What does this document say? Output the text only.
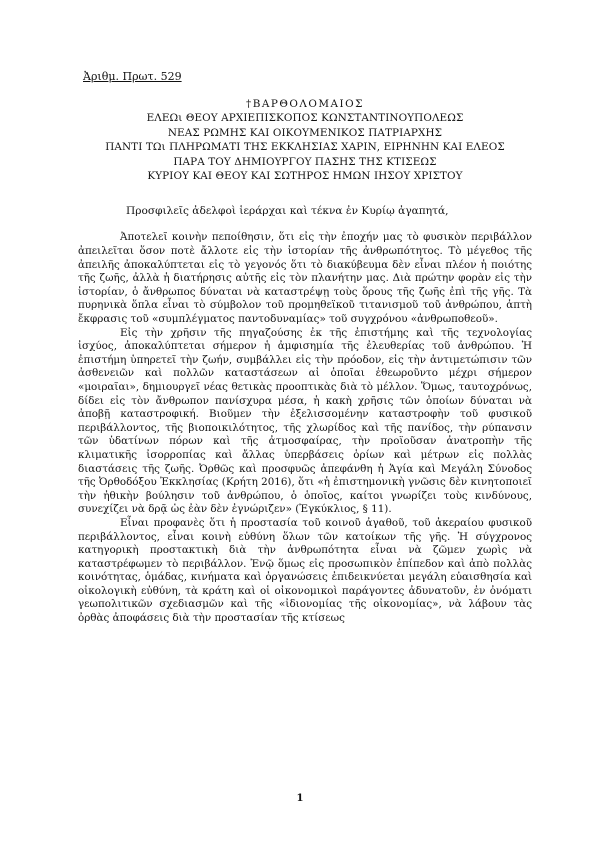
Ἀριθμ. Πρωτ. 529
†ΒΑΡΘΟΛΟΜΑΙΟΣ
ΕΛΕΩι ΘΕΟΥ ΑΡΧΙΕΠΙΣΚΟΠΟΣ ΚΩΝΣΤΑΝΤΙΝΟΥΠΟΛΕΩΣ
ΝΕΑΣ ΡΩΜΗΣ ΚΑΙ ΟΙΚΟΥΜΕΝΙΚΟΣ ΠΑΤΡΙΑΡΧΗΣ
ΠΑΝΤΙ ΤΩι ΠΛΗΡΩΜΑΤΙ ΤΗΣ ΕΚΚΛΗΣΙΑΣ ΧΑΡΙΝ, ΕΙΡΗΝΗΝ ΚΑΙ ΕΛΕΟΣ
ΠΑΡΑ ΤΟΥ ΔΗΜΙΟΥΡΓΟΥ ΠΑΣΗΣ ΤΗΣ ΚΤΙΣΕΩΣ
ΚΥΡΙΟΥ ΚΑΙ ΘΕΟΥ ΚΑΙ ΣΩΤΗΡΟΣ ΗΜΩΝ ΙΗΣΟΥ ΧΡΙΣΤΟΥ
Προσφιλεῖς ἀδελφοὶ ἱεράρχαι καὶ τέκνα ἐν Κυρίῳ ἀγαπητά,

Ἀποτελεῖ κοινὴν πεποίθησιν, ὅτι εἰς τὴν ἐποχήν μας τὸ φυσικὸν περιβάλλον ἀπειλεῖται ὅσον ποτὲ ἄλλοτε εἰς τὴν ἱστορίαν τῆς ἀνθρωπότητος. Τὸ μέγεθος τῆς ἀπειλῆς ἀποκαλύπτεται εἰς τὸ γεγονός ὅτι τὸ διακύβευμα δὲν εἶναι πλέον ἡ ποιότης τῆς ζωῆς, ἀλλὰ ἡ διατήρησις αὐτῆς εἰς τὸν πλανήτην μας. Διὰ πρώτην φορὰν εἰς τὴν ἱστορίαν, ὁ ἄνθρωπος δύναται νὰ καταστρέψῃ τοὺς ὅρους τῆς ζωῆς ἐπὶ τῆς γῆς. Τὰ πυρηνικὰ ὅπλα εἶναι τὸ σύμβολον τοῦ προμηθεϊκοῦ τιτανισμοῦ τοῦ ἀνθρώπου, ἀπτὴ ἔκφρασις τοῦ «συμπλέγματος παντοδυναμίας» τοῦ συγχρόνου «ἀνθρωποθεοῦ».

Εἰς τὴν χρῆσιν τῆς πηγαζούσης ἐκ τῆς ἐπιστήμης καὶ τῆς τεχνολογίας ἰσχύος, ἀποκαλύπτεται σήμερον ἡ ἀμφισημία τῆς ἐλευθερίας τοῦ ἀνθρώπου. Ἡ ἐπιστήμη ὑπηρετεῖ τὴν ζωήν, συμβάλλει εἰς τὴν πρόοδον, εἰς τὴν ἀντιμετώπισιν τῶν ἀσθενειῶν καὶ πολλῶν καταστάσεων αἱ ὁποῖαι ἐθεωροῦντο μέχρι σήμερον «μοιραῖαι», δημιουργεῖ νέας θετικὰς προοπτικὰς διὰ τὸ μέλλον. Ὅμως, ταυτοχρόνως, δίδει εἰς τὸν ἄνθρωπον πανίσχυρα μέσα, ἡ κακὴ χρῆσις τῶν ὁποίων δύναται νὰ ἀποβῇ καταστροφική. Βιοῦμεν τὴν ἐξελισσομένην καταστροφὴν τοῦ φυσικοῦ περιβάλλοντος, τῆς βιοποικιλότητος, τῆς χλωρίδος καὶ τῆς πανίδος, τὴν ρύπανσιν τῶν ὑδατίνων πόρων καὶ τῆς ἀτμοσφαίρας, τὴν προϊοῦσαν ἀνατροπὴν τῆς κλιματικῆς ἰσορροπίας καὶ ἄλλας ὑπερβάσεις ὁρίων καὶ μέτρων εἰς πολλὰς διαστάσεις τῆς ζωῆς. Ὀρθῶς καὶ προσφυῶς ἀπεφάνθη ἡ Ἁγία καὶ Μεγάλη Σύνοδος τῆς Ὀρθοδόξου Ἐκκλησίας (Κρήτη 2016), ὅτι «ἡ ἐπιστημονικὴ γνῶσις δὲν κινητοποιεῖ τὴν ἠθικὴν βούλησιν τοῦ ἀνθρώπου, ὁ ὁποῖος, καίτοι γνωρίζει τοὺς κινδύνους, συνεχίζει νὰ δρᾷ ὡς ἐὰν δὲν ἐγνώριζεν» (Ἐγκύκλιος, § 11).

Εἶναι προφανὲς ὅτι ἡ προστασία τοῦ κοινοῦ ἀγαθοῦ, τοῦ ἀκεραίου φυσικοῦ περιβάλλοντος, εἶναι κοινὴ εὐθύνη ὅλων τῶν κατοίκων τῆς γῆς. Ἡ σύγχρονος κατηγορικὴ προστακτικὴ διὰ τὴν ἀνθρωπότητα εἶναι νὰ ζῶμεν χωρὶς νὰ καταστρέφωμεν τὸ περιβάλλον. Ἐνῷ ὅμως εἰς προσωπικὸν ἐπίπεδον καὶ ἀπὸ πολλὰς κοινότητας, ὁμάδας, κινήματα καὶ ὀργανώσεις ἐπιδεικνύεται μεγάλη εὐαισθησία καὶ οἰκολογικὴ εὐθύνη, τὰ κράτη καὶ οἱ οἰκονομικοὶ παράγοντες ἀδυνατοῦν, ἐν ὀνόματι γεωπολιτικῶν σχεδιασμῶν καὶ τῆς «ἰδιονομίας τῆς οἰκονομίας», νὰ λάβουν τὰς ὀρθὰς ἀποφάσεις διὰ τὴν προστασίαν τῆς κτίσεως

1
